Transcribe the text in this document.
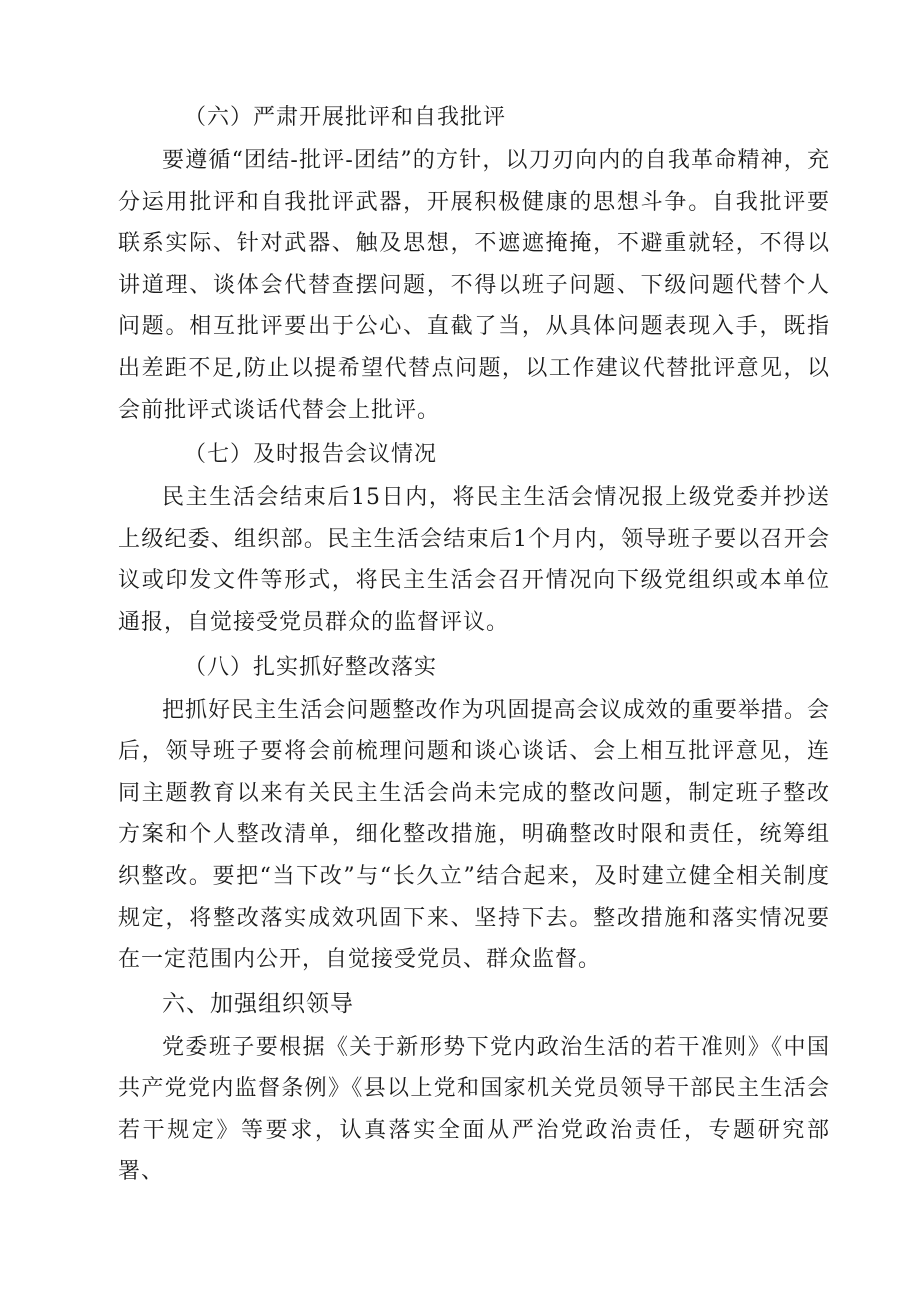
（六）严肃开展批评和自我批评

要遵循“团结-批评-团结”的方针，以刀刃向内的自我革命精神，充分运用批评和自我批评武器，开展积极健康的思想斗争。自我批评要联系实际、针对武器、触及思想，不遮遮掩掩，不避重就轻，不得以讲道理、谈体会代替查摆问题，不得以班子问题、下级问题代替个人问题。相互批评要出于公心、直截了当，从具体问题表现入手，既指出差距不足,防止以提希望代替点问题，以工作建议代替批评意见，以会前批评式谈话代替会上批评。

（七）及时报告会议情况

民主生活会结束后15日内，将民主生活会情况报上级党委并抄送上级纪委、组织部。民主生活会结束后1个月内，领导班子要以召开会议或印发文件等形式，将民主生活会召开情况向下级党组织或本单位通报，自觉接受党员群众的监督评议。

（八）扎实抓好整改落实

把抓好民主生活会问题整改作为巩固提高会议成效的重要举措。会后，领导班子要将会前梳理问题和谈心谈话、会上相互批评意见，连同主题教育以来有关民主生活会尚未完成的整改问题，制定班子整改方案和个人整改清单，细化整改措施，明确整改时限和责任，统筹组织整改。要把“当下改”与“长久立”结合起来，及时建立健全相关制度规定，将整改落实成效巩固下来、坚持下去。整改措施和落实情况要在一定范围内公开，自觉接受党员、群众监督。

六、加强组织领导

党委班子要根据《关于新形势下党内政治生活的若干准则》《中国共产党党内监督条例》《县以上党和国家机关党员领导干部民主生活会若干规定》等要求，认真落实全面从严治党政治责任，专题研究部署、
